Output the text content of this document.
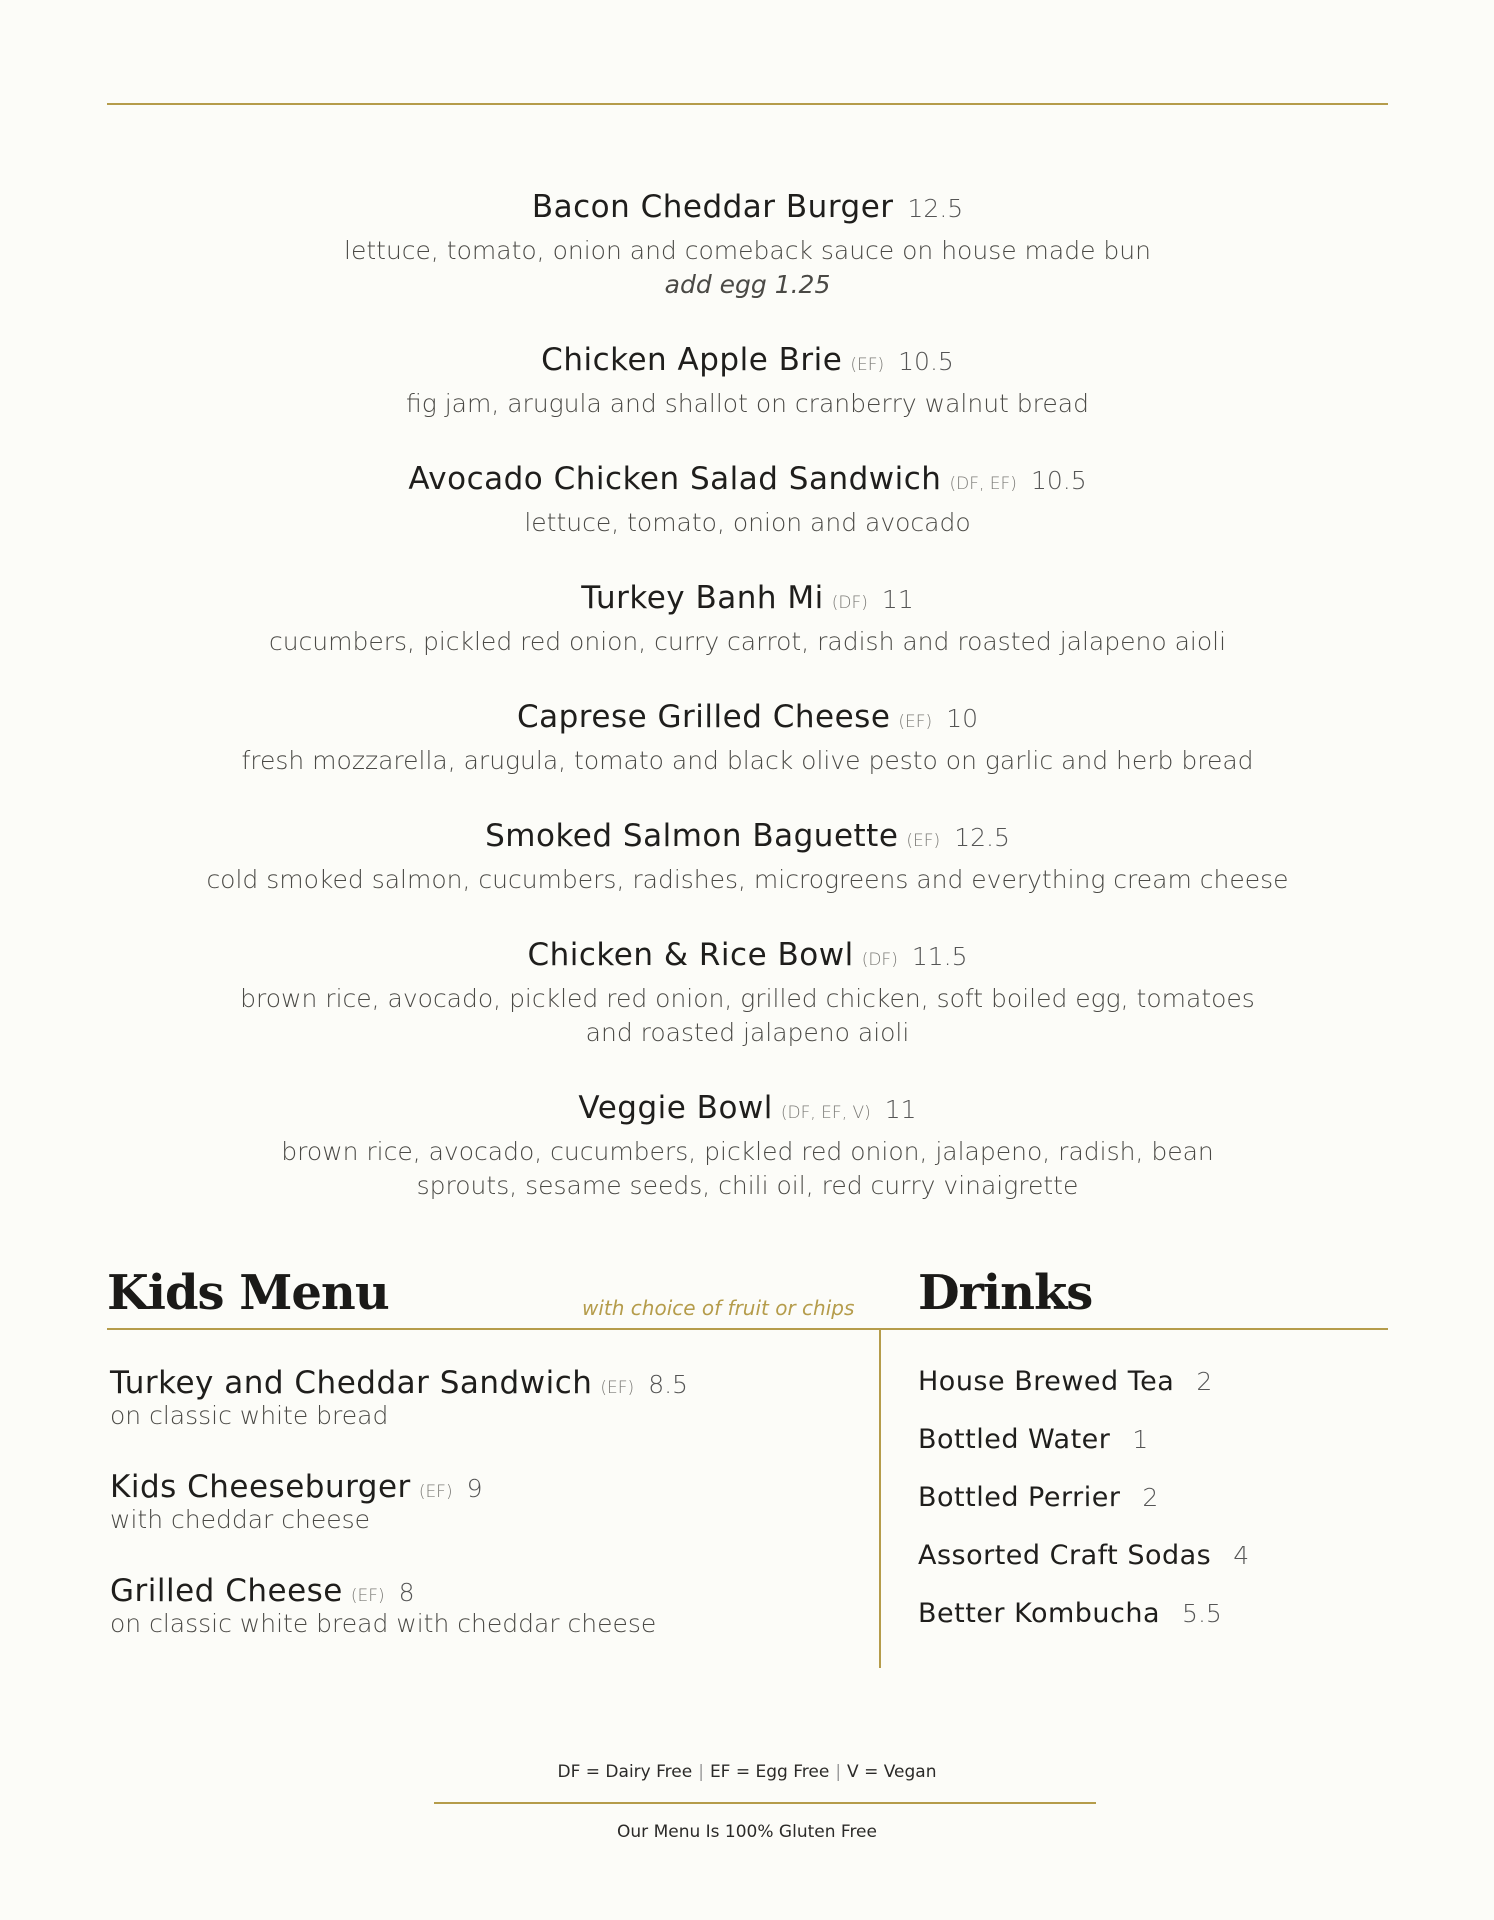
Bacon Cheddar Burger 12.5
lettuce, tomato, onion and comeback sauce on house made bun
add egg 1.25
Chicken Apple Brie (EF) 10.5
fig jam, arugula and shallot on cranberry walnut bread
Avocado Chicken Salad Sandwich (DF, EF) 10.5
lettuce, tomato, onion and avocado
Turkey Banh Mi (DF) 11
cucumbers, pickled red onion, curry carrot, radish and roasted jalapeno aioli
Caprese Grilled Cheese (EF) 10
fresh mozzarella, arugula, tomato and black olive pesto on garlic and herb bread
Smoked Salmon Baguette (EF) 12.5
cold smoked salmon, cucumbers, radishes, microgreens and everything cream cheese
Chicken & Rice Bowl (DF) 11.5
brown rice, avocado, pickled red onion, grilled chicken, soft boiled egg, tomatoes and roasted jalapeno aioli
Veggie Bowl (DF, EF, V) 11
brown rice, avocado, cucumbers, pickled red onion, jalapeno, radish, bean sprouts, sesame seeds, chili oil, red curry vinaigrette
Kids Menu	with choice of fruit or chips Drinks
Turkey and Cheddar Sandwich (EF) 8.5
on classic white bread
Kids Cheeseburger (EF) 9
with cheddar cheese
Grilled Cheese (EF) 8
on classic white bread with cheddar cheese
House Brewed Tea 2
Bottled Water 1
Bottled Perrier 2
Assorted Craft Sodas 4
Better Kombucha 5.5
DF = Dairy Free | EF = Egg Free | V = Vegan
Our Menu Is 100% Gluten Free
